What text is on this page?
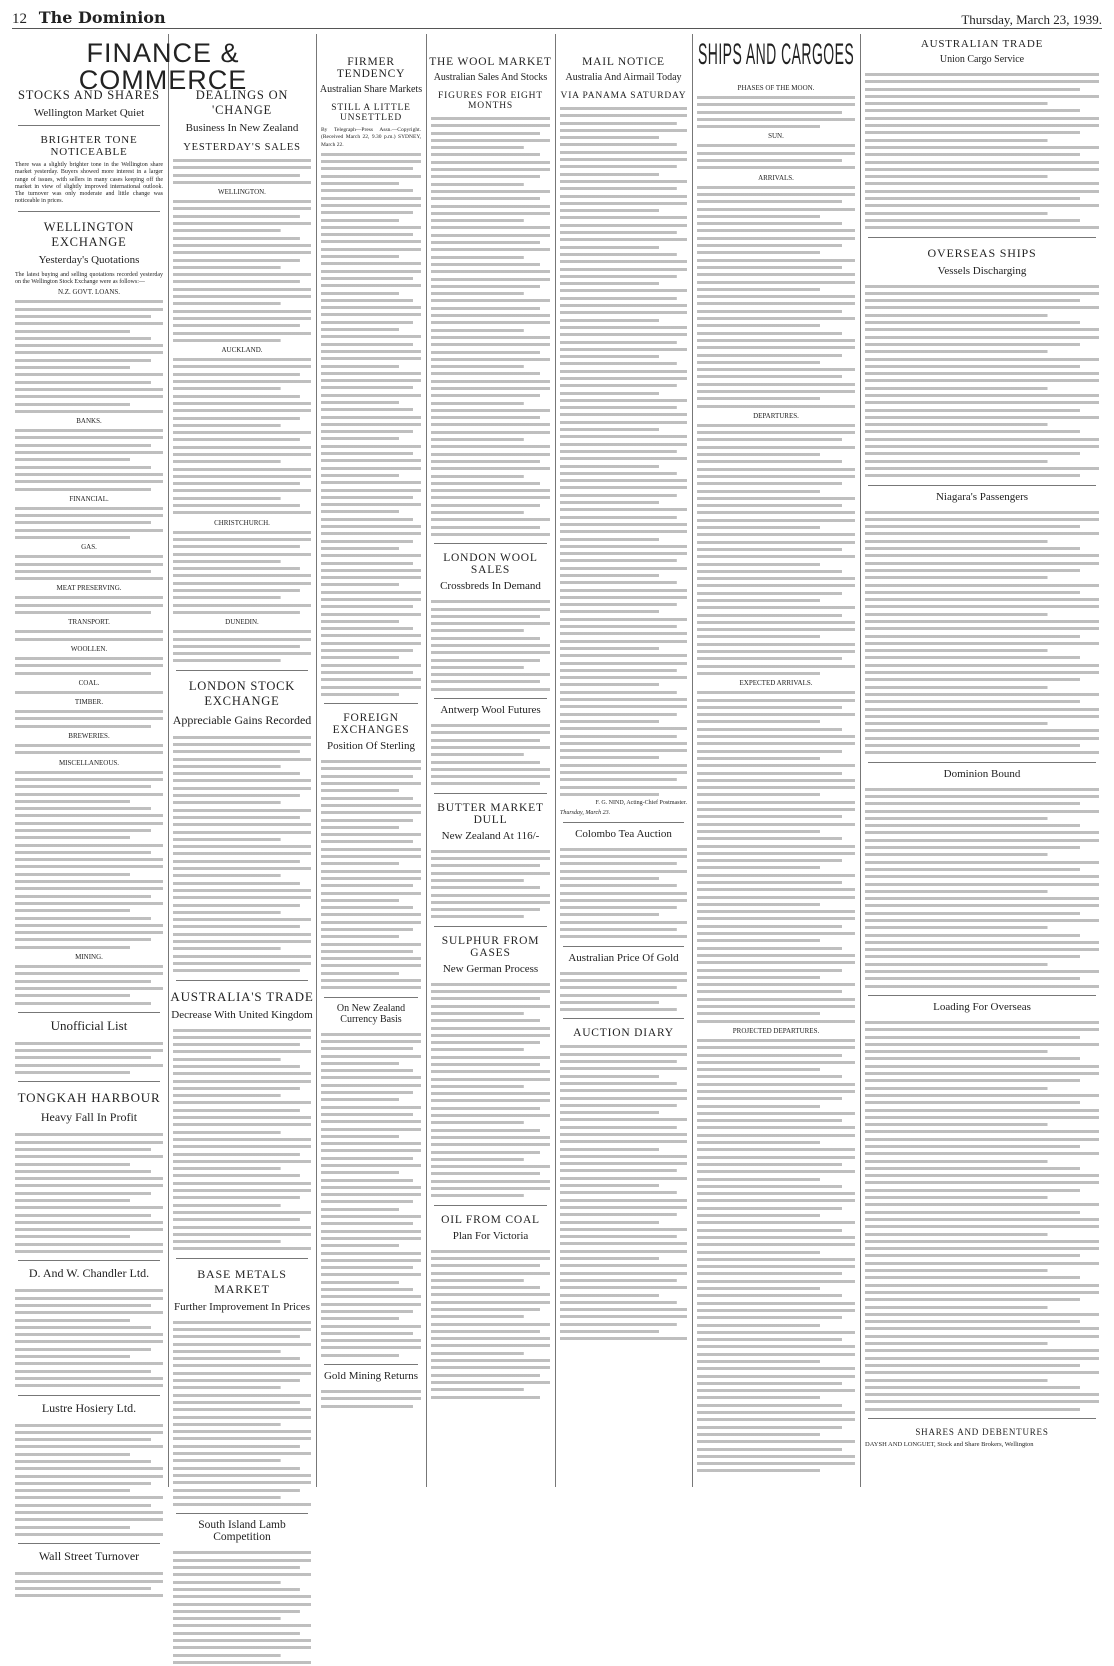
12 The Dominion	Thursday, March 23, 1939.
FINANCE & COMMERCE
STOCKS AND SHARES
Wellington Market Quiet
BRIGHTER TONE NOTICEABLE
There was a slightly brighter tone in the Wellington share market yesterday. Buyers showed more interest in a larger range of issues, with sellers in many cases keeping off the market in view of slightly improved international outlook. The turnover was only moderate and little change was noticeable in prices.
WELLINGTON EXCHANGE
Yesterday's Quotations
The latest buying and selling quotations recorded yesterday on the Wellington Stock Exchange were as follows:—
N.Z. GOVT. LOANS.
BANKS.
FINANCIAL.
GAS.
MEAT PRESERVING.
TRANSPORT.
WOOLLEN.
COAL.
TIMBER.
BREWERIES.
MISCELLANEOUS.
MINING.
Unofficial List
TONGKAH HARBOUR
Heavy Fall In Profit
D. And W. Chandler Ltd.
Lustre Hosiery Ltd.
Wall Street Turnover
DEALINGS ON 'CHANGE
Business In New Zealand
YESTERDAY'S SALES
WELLINGTON.
AUCKLAND.
CHRISTCHURCH.
DUNEDIN.
LONDON STOCK EXCHANGE
Appreciable Gains Recorded
AUSTRALIA'S TRADE
Decrease With United Kingdom
BASE METALS MARKET
Further Improvement In Prices
South Island Lamb Competition
FIRMER TENDENCY
Australian Share Markets
STILL A LITTLE UNSETTLED
By Telegraph—Press Assn.—Copyright. (Received March 22, 9.30 p.m.) SYDNEY, March 22.
FOREIGN EXCHANGES
Position Of Sterling
On New Zealand Currency Basis
Gold Mining Returns
THE WOOL MARKET
Australian Sales And Stocks
FIGURES FOR EIGHT MONTHS
LONDON WOOL SALES
Crossbreds In Demand
Antwerp Wool Futures
BUTTER MARKET DULL
New Zealand At 116/-
SULPHUR FROM GASES
New German Process
OIL FROM COAL
Plan For Victoria
MAIL NOTICE
Australia And Airmail Today
VIA PANAMA SATURDAY
F. G. NIND, Acting-Chief Postmaster.
Thursday, March 23.
Colombo Tea Auction
Australian Price Of Gold
AUCTION DIARY
SHIPS AND CARGOES
PHASES OF THE MOON.
SUN.
ARRIVALS.
DEPARTURES.
EXPECTED ARRIVALS.
PROJECTED DEPARTURES.
AUSTRALIAN TRADE
Union Cargo Service
OVERSEAS SHIPS
Vessels Discharging
Niagara's Passengers
Dominion Bound
Loading For Overseas
SHARES AND DEBENTURES
DAYSH AND LONGUET, Stock and Share Brokers, Wellington
